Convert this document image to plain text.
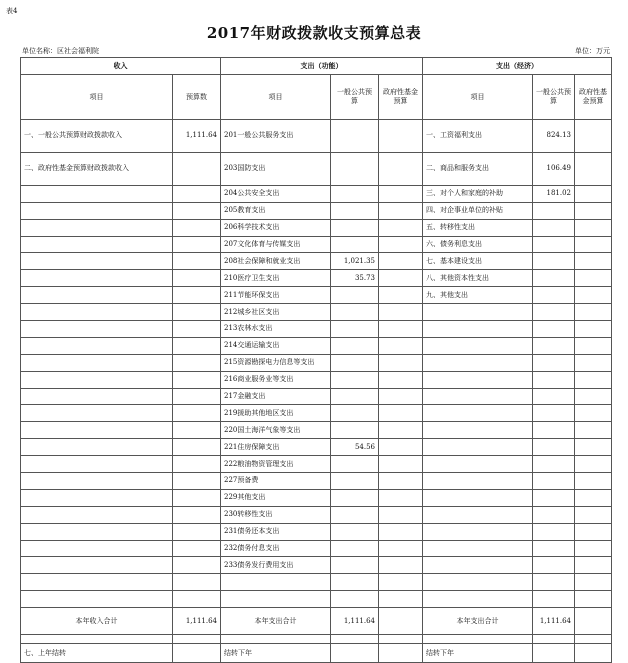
表4
2017年财政拨款收支预算总表
单位名称：区社会福利院	单位：万元
收入		支出（功能）			支出（经济）		
项目	预算数	项目	一般公共预算	政府性基金预算	项目	一般公共预算	政府性基金预算
一、一般公共预算财政拨款收入	1,111.64	201一般公共服务支出			一、工资福利支出	824.13	
二、政府性基金预算财政拨款收入		203国防支出			二、商品和服务支出	106.49	
		204公共安全支出			三、对个人和家庭的补助	181.02	
		205教育支出			四、对企事业单位的补贴		
		206科学技术支出			五、转移性支出		
		207文化体育与传媒支出			六、债务利息支出		
		208社会保障和就业支出	1,021.35		七、基本建设支出		
		210医疗卫生支出	35.73		八、其他资本性支出		
		211节能环保支出			九、其他支出		
		212城乡社区支出					
		213农林水支出					
		214交通运输支出					
		215资源勘探电力信息等支出					
		216商业服务业等支出					
		217金融支出					
		219援助其他地区支出					
		220国土海洋气象等支出					
		221住房保障支出	54.56				
		222粮油物资管理支出					
		227预备费					
		229其他支出					
		230转移性支出					
		231债务还本支出					
		232债务付息支出					
		233债务发行费用支出					

本年收入合计	1,111.64	本年支出合计	1,111.64		本年支出合计	1,111.64	

七、上年结转		结转下年			结转下年		
